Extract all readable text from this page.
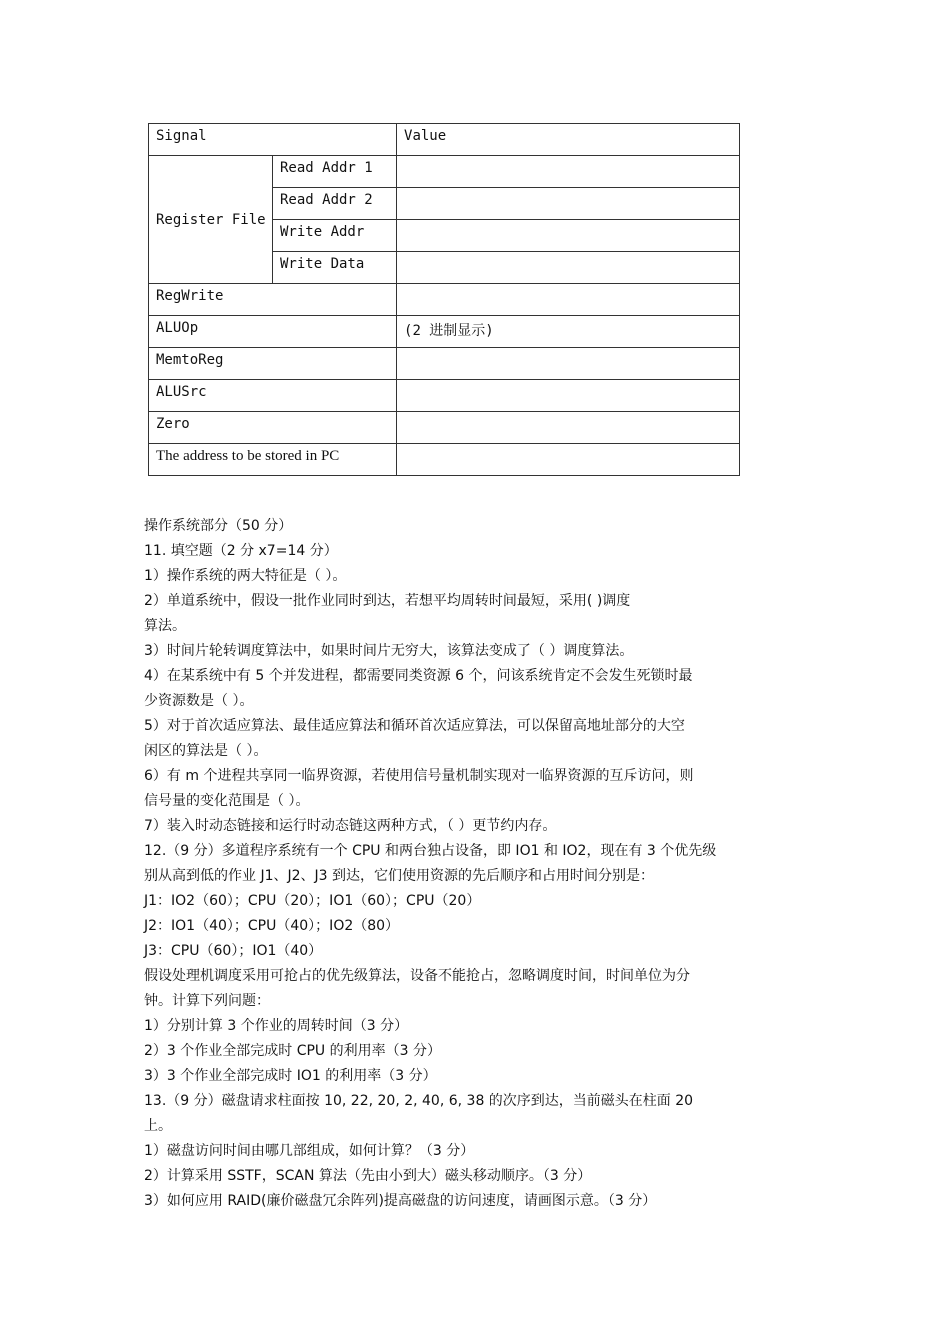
Signal		Value
Register File	Read Addr 1	
	Read Addr 2	
	Write Addr	
	Write Data	
RegWrite		
ALUOp		(2 进制显示)
MemtoReg		
ALUSrc		
Zero		
The address to be stored in PC		
操作系统部分（50 分）
11. 填空题（2 分 x7=14 分）
1）操作系统的两大特征是（ ）。
2）单道系统中，假设一批作业同时到达，若想平均周转时间最短，采用( )调度
算法。
3）时间片轮转调度算法中，如果时间片无穷大，该算法变成了（ ）调度算法。
4）在某系统中有 5 个并发进程，都需要同类资源 6 个，问该系统肯定不会发生死锁时最
少资源数是（ ）。
5）对于首次适应算法、最佳适应算法和循环首次适应算法，可以保留高地址部分的大空
闲区的算法是（ ）。
6）有 m 个进程共享同一临界资源，若使用信号量机制实现对一临界资源的互斥访问，则
信号量的变化范围是（ ）。
7）装入时动态链接和运行时动态链这两种方式，（ ）更节约内存。
12.（9 分）多道程序系统有一个 CPU 和两台独占设备，即 IO1 和 IO2，现在有 3 个优先级
别从高到低的作业 J1、J2、J3 到达，它们使用资源的先后顺序和占用时间分别是：
J1：IO2（60）；CPU（20）；IO1（60）；CPU（20）
J2：IO1（40）；CPU（40）；IO2（80）
J3：CPU（60）；IO1（40）
假设处理机调度采用可抢占的优先级算法，设备不能抢占，忽略调度时间，时间单位为分
钟。计算下列问题：
1）分别计算 3 个作业的周转时间（3 分）
2）3 个作业全部完成时 CPU 的利用率（3 分）
3）3 个作业全部完成时 IO1 的利用率（3 分）
13.（9 分）磁盘请求柱面按 10, 22, 20, 2, 40, 6, 38 的次序到达，当前磁头在柱面 20
上。
1）磁盘访问时间由哪几部组成，如何计算？（3 分）
2）计算采用 SSTF，SCAN 算法（先由小到大）磁头移动顺序。（3 分）
3）如何应用 RAID(廉价磁盘冗余阵列)提高磁盘的访问速度，请画图示意。（3 分）
